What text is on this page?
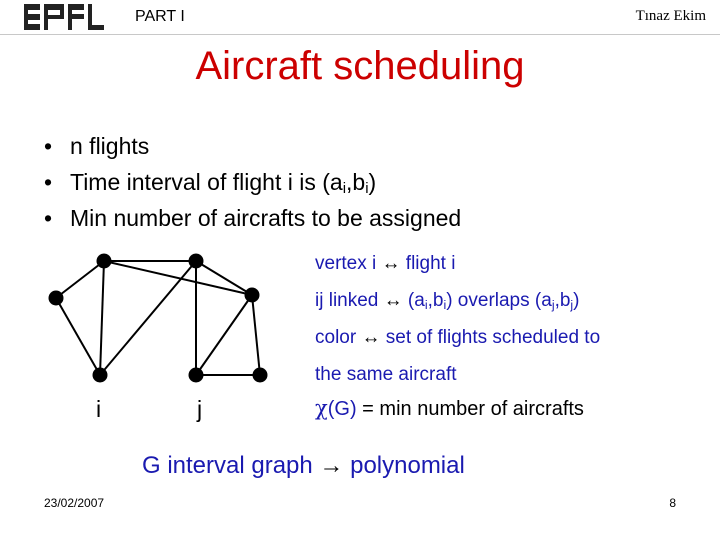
PART I	Tınaz Ekim
Aircraft scheduling
• n flights
• Time interval of flight i is $(a_i,b_i)$
• Min number of aircrafts to be assigned
i	j
vertex i ↔ flight i
ij linked ↔ $(a_i,b_i)$ overlaps $(a_j,b_j)$
color ↔ set of flights scheduled to
the same aircraft
χ(G) = min number of aircrafts
G interval graph → polynomial
23/02/2007	8
